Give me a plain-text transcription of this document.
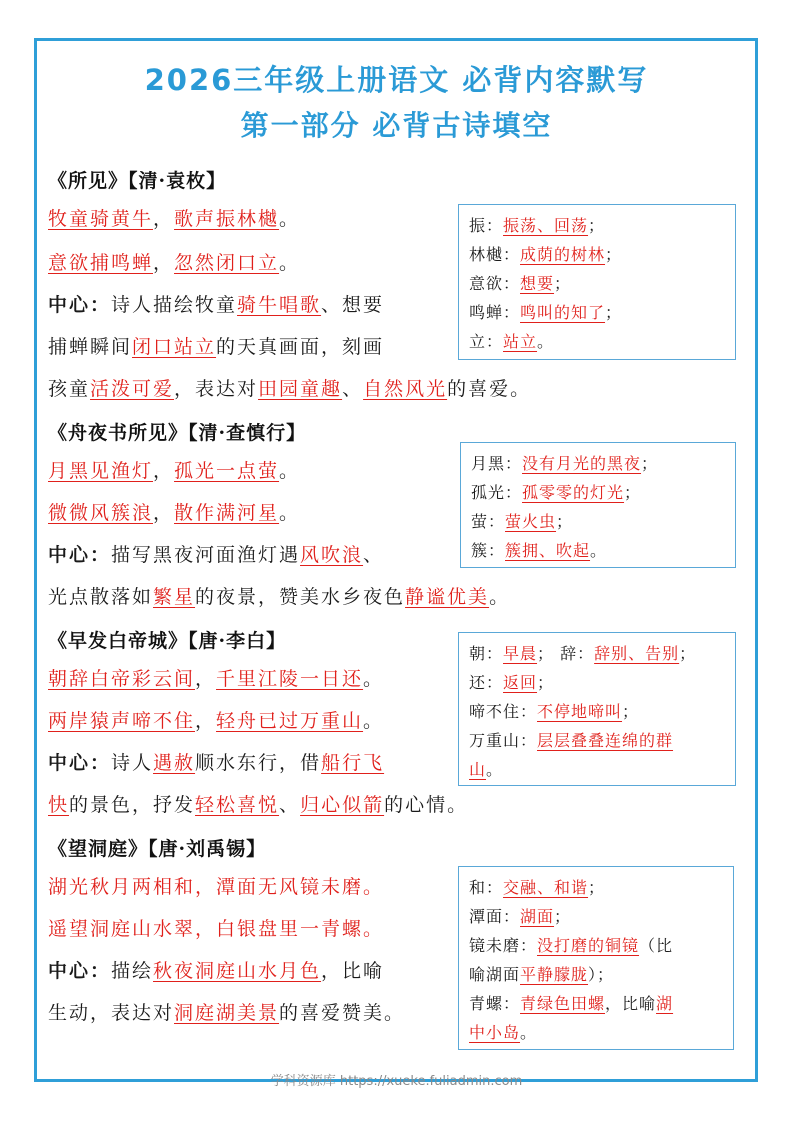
2026三年级上册语文 必背内容默写
第一部分 必背古诗填空
《所见》【清·袁枚】
牧童骑黄牛，歌声振林樾。
意欲捕鸣蝉，忽然闭口立。
中心：诗人描绘牧童骑牛唱歌、想要
捕蝉瞬间闭口站立的天真画面，刻画
孩童活泼可爱，表达对田园童趣、自然风光的喜爱。
振：振荡、回荡；
林樾：成荫的树林；
意欲：想要；
鸣蝉：鸣叫的知了；
立：站立。
《舟夜书所见》【清·查慎行】
月黑见渔灯，孤光一点萤。
微微风簇浪，散作满河星。
中心：描写黑夜河面渔灯遇风吹浪、
光点散落如繁星的夜景，赞美水乡夜色静谧优美。
月黑：没有月光的黑夜；
孤光：孤零零的灯光；
萤：萤火虫；
簇：簇拥、吹起。
《早发白帝城》【唐·李白】
朝辞白帝彩云间，千里江陵一日还。
两岸猿声啼不住，轻舟已过万重山。
中心：诗人遇赦顺水东行，借船行飞
快的景色，抒发轻松喜悦、归心似箭的心情。
朝：早晨； 辞：辞别、告别；
还：返回；
啼不住：不停地啼叫；
万重山：层层叠叠连绵的群
山。
《望洞庭》【唐·刘禹锡】
湖光秋月两相和，潭面无风镜未磨。
遥望洞庭山水翠，白银盘里一青螺。
中心：描绘秋夜洞庭山水月色，比喻
生动，表达对洞庭湖美景的喜爱赞美。
和：交融、和谐；
潭面：湖面；
镜未磨：没打磨的铜镜（比
喻湖面平静朦胧）；
青螺：青绿色田螺，比喻湖
中小岛。
学科资源库 https://xueke.fuliadmin.com
